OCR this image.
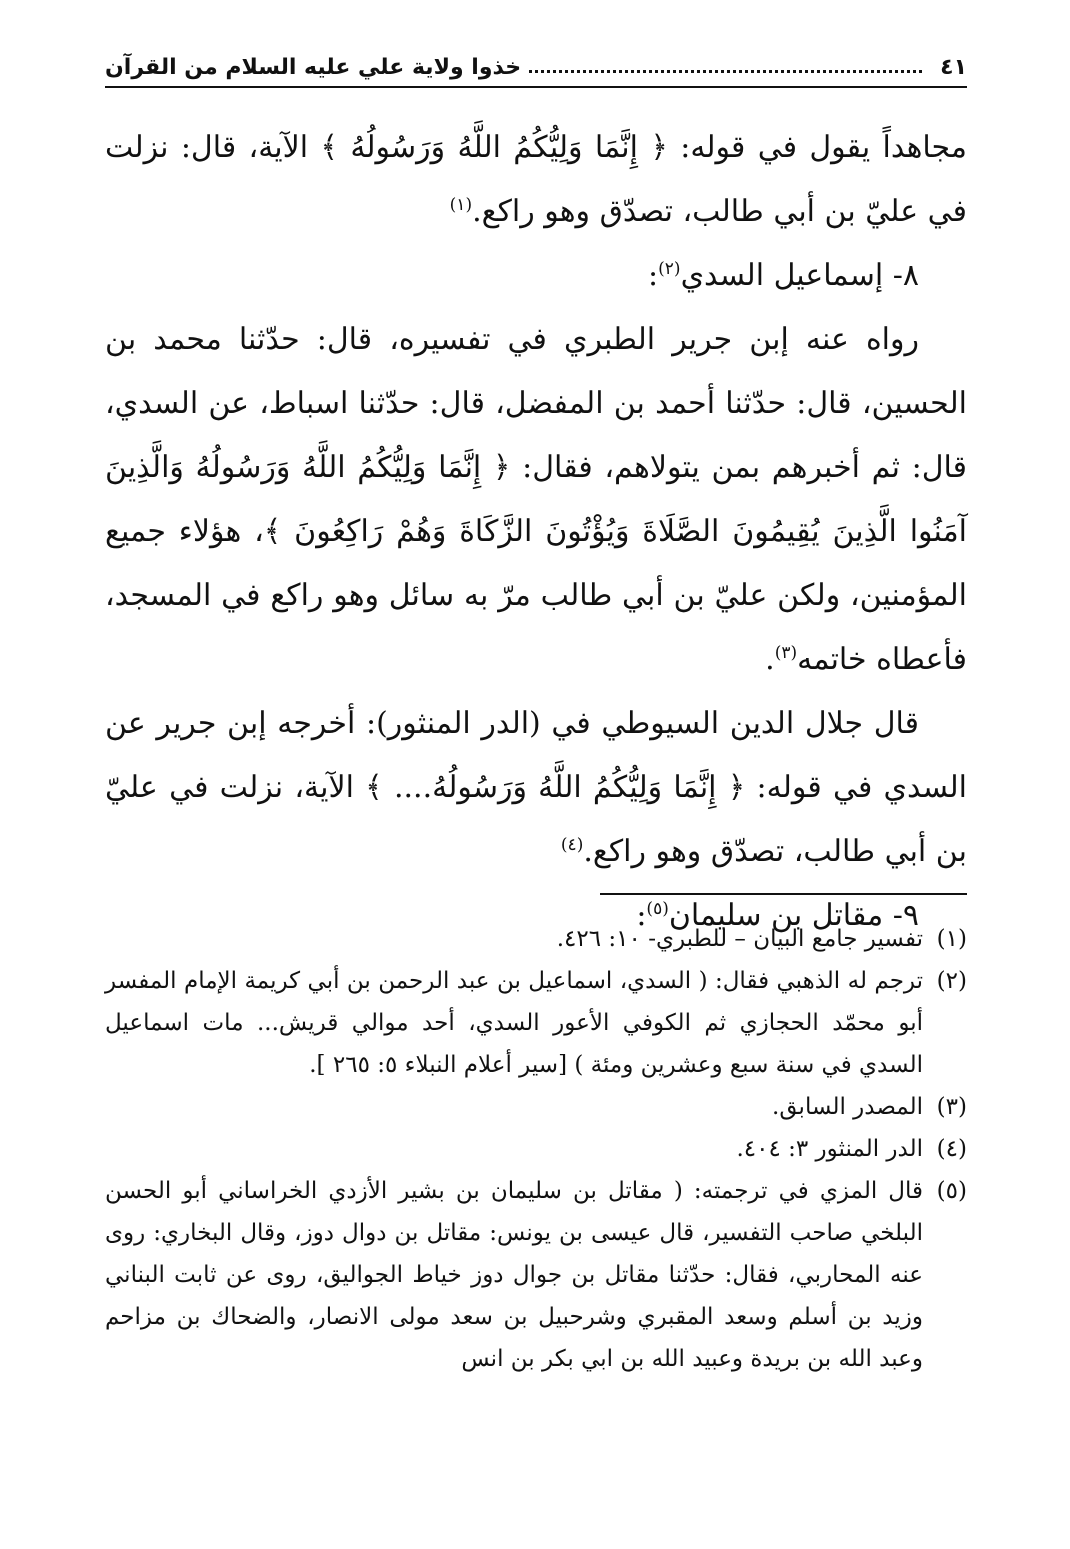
٤١
خذوا ولاية علي عليه السلام من القرآن

مجاهداً يقول في قوله: ﴿ إِنَّمَا وَلِيُّكُمُ اللَّهُ وَرَسُولُهُ ﴾ الآية، قال: نزلت في عليّ بن أبي طالب، تصدّق وهو راكع.$^{(١)}$

٨- إسماعيل السدي$^{(٢)}$:

رواه عنه إبن جرير الطبري في تفسيره، قال: حدّثنا محمد بن الحسين، قال: حدّثنا أحمد بن المفضل، قال: حدّثنا اسباط، عن السدي، قال: ثم أخبرهم بمن يتولاهم، فقال: ﴿ إِنَّمَا وَلِيُّكُمُ اللَّهُ وَرَسُولُهُ وَالَّذِينَ آمَنُوا الَّذِينَ يُقِيمُونَ الصَّلَاةَ وَيُؤْتُونَ الزَّكَاةَ وَهُمْ رَاكِعُونَ ﴾، هؤلاء جميع المؤمنين، ولكن عليّ بن أبي طالب مرّ به سائل وهو راكع في المسجد، فأعطاه خاتمه$^{(٣)}$.

قال جلال الدين السيوطي في (الدر المنثور): أخرجه إبن جرير عن السدي في قوله: ﴿ إِنَّمَا وَلِيُّكُمُ اللَّهُ وَرَسُولُهُ.... ﴾ الآية، نزلت في عليّ بن أبي طالب، تصدّق وهو راكع.$^{(٤)}$

٩- مقاتل بن سليمان$^{(٥)}$:

(١)
تفسير جامع البيان – للطبري- ١٠: ٤٢٦.

(٢)
ترجم له الذهبي فقال: ( السدي، اسماعيل بن عبد الرحمن بن أبي كريمة الإمام المفسر أبو محمّد الحجازي ثم الكوفي الأعور السدي، أحد موالي قريش... مات اسماعيل السدي في سنة سبع وعشرين ومئة ) [سير أعلام النبلاء ٥: ٢٦٥ ].

(٣)
المصدر السابق.

(٤)
الدر المنثور ٣: ٤٠٤.

(٥)
قال المزي في ترجمته: ( مقاتل بن سليمان بن بشير الأزدي الخراساني أبو الحسن البلخي صاحب التفسير، قال عيسى بن يونس: مقاتل بن دوال دوز، وقال البخاري: روى عنه المحاربي، فقال: حدّثنا مقاتل بن جوال دوز خياط الجواليق، روى عن ثابت البناني وزيد بن أسلم وسعد المقبري وشرحبيل بن سعد مولى الانصار، والضحاك بن مزاحم وعبد الله بن بريدة وعبيد الله بن ابي بكر بن انس
